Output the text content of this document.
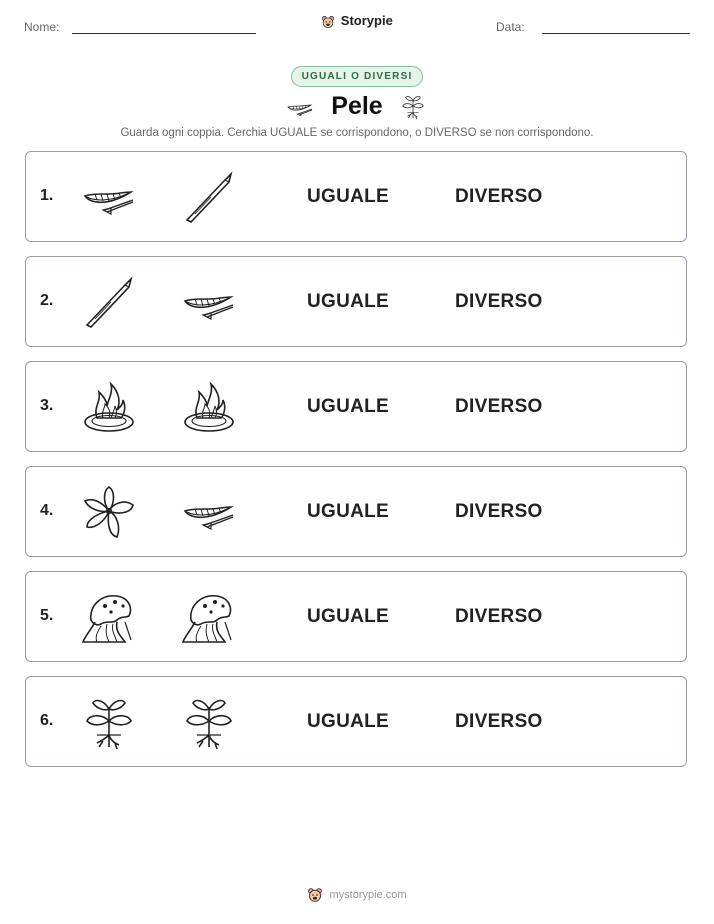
Nome:	Storypie	Data:
UGUALI O DIVERSI
Pele
Guarda ogni coppia. Cerchia UGUALE se corrispondono, o DIVERSO se non corrispondono.
1.	UGUALE	DIVERSO
2.	UGUALE	DIVERSO
3.	UGUALE	DIVERSO
4.	UGUALE	DIVERSO
5.	UGUALE	DIVERSO
6.	UGUALE	DIVERSO
mystorypie.com
